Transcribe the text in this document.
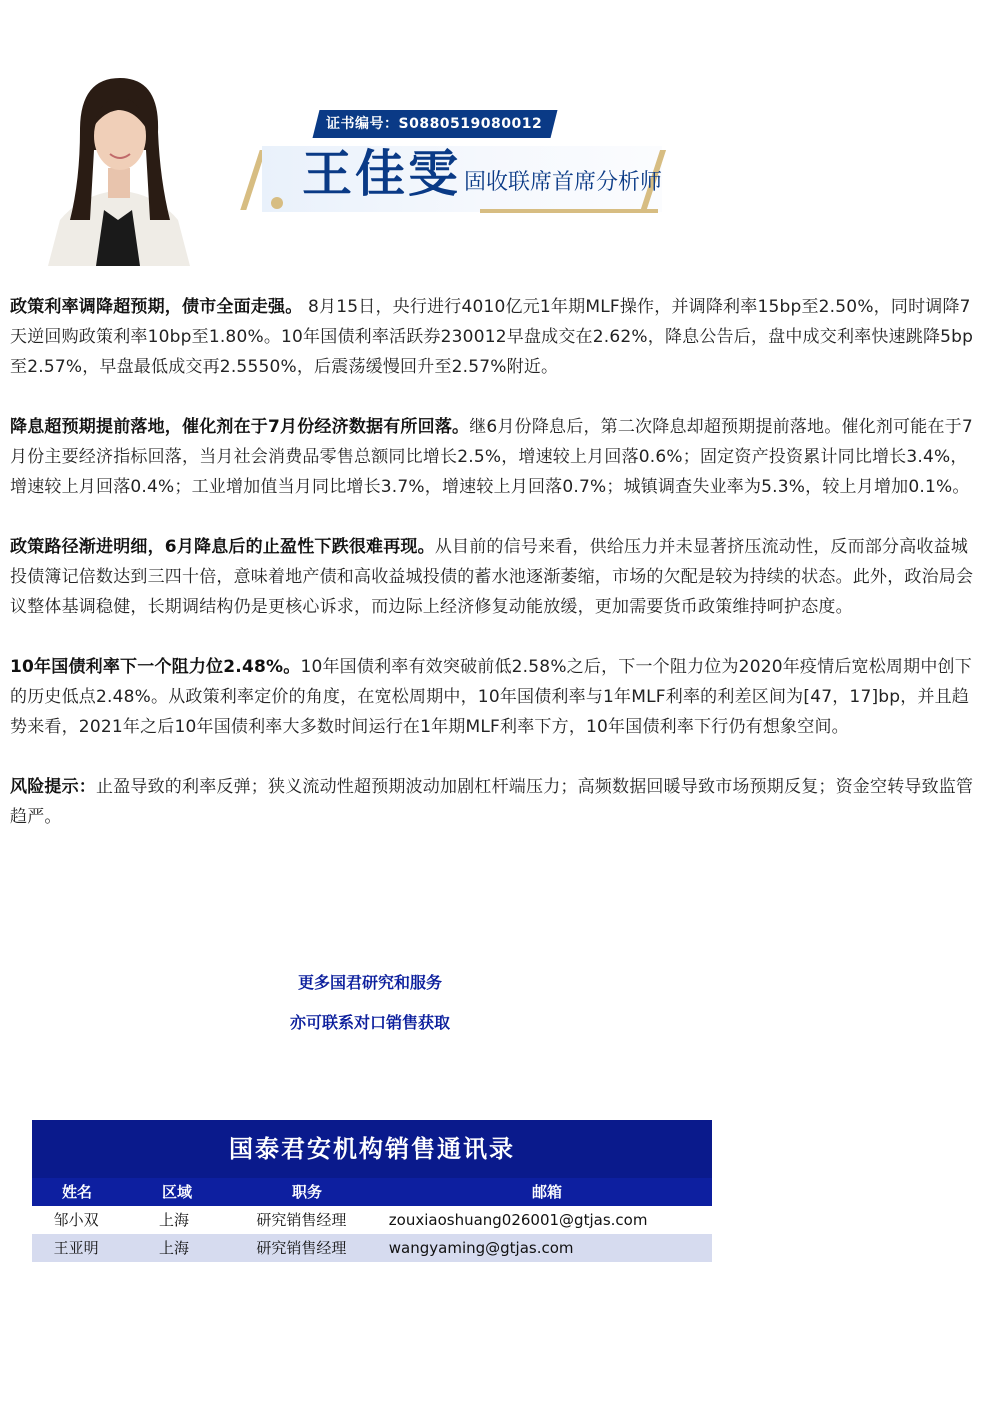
证书编号：S0880519080012
王佳雯 固收联席首席分析师

政策利率调降超预期，债市全面走强。 8月15日，央行进行4010亿元1年期MLF操作，并调降利率15bp至2.50%，同时调降7天逆回购政策利率10bp至1.80%。10年国债利率活跃券230012早盘成交在2.62%，降息公告后，盘中成交利率快速跳降5bp至2.57%，早盘最低成交再2.5550%，后震荡缓慢回升至2.57%附近。

降息超预期提前落地，催化剂在于7月份经济数据有所回落。继6月份降息后，第二次降息却超预期提前落地。催化剂可能在于7月份主要经济指标回落，当月社会消费品零售总额同比增长2.5%，增速较上月回落0.6%；固定资产投资累计同比增长3.4%，增速较上月回落0.4%；工业增加值当月同比增长3.7%，增速较上月回落0.7%；城镇调查失业率为5.3%，较上月增加0.1%。

政策路径渐进明细，6月降息后的止盈性下跌很难再现。从目前的信号来看，供给压力并未显著挤压流动性，反而部分高收益城投债簿记倍数达到三四十倍，意味着地产债和高收益城投债的蓄水池逐渐萎缩，市场的欠配是较为持续的状态。此外，政治局会议整体基调稳健，长期调结构仍是更核心诉求，而边际上经济修复动能放缓，更加需要货币政策维持呵护态度。

10年国债利率下一个阻力位2.48%。10年国债利率有效突破前低2.58%之后，下一个阻力位为2020年疫情后宽松周期中创下的历史低点2.48%。从政策利率定价的角度，在宽松周期中，10年国债利率与1年MLF利率的利差区间为[47，17]bp，并且趋势来看，2021年之后10年国债利率大多数时间运行在1年期MLF利率下方，10年国债利率下行仍有想象空间。

风险提示：止盈导致的利率反弹；狭义流动性超预期波动加剧杠杆端压力；高频数据回暖导致市场预期反复；资金空转导致监管趋严。

更多国君研究和服务
亦可联系对口销售获取
国泰君安机构销售通讯录
姓名	区域	职务	邮箱
邹小双	上海	研究销售经理	zouxiaoshuang026001@gtjas.com
王亚明	上海	研究销售经理	wangyaming@gtjas.com
